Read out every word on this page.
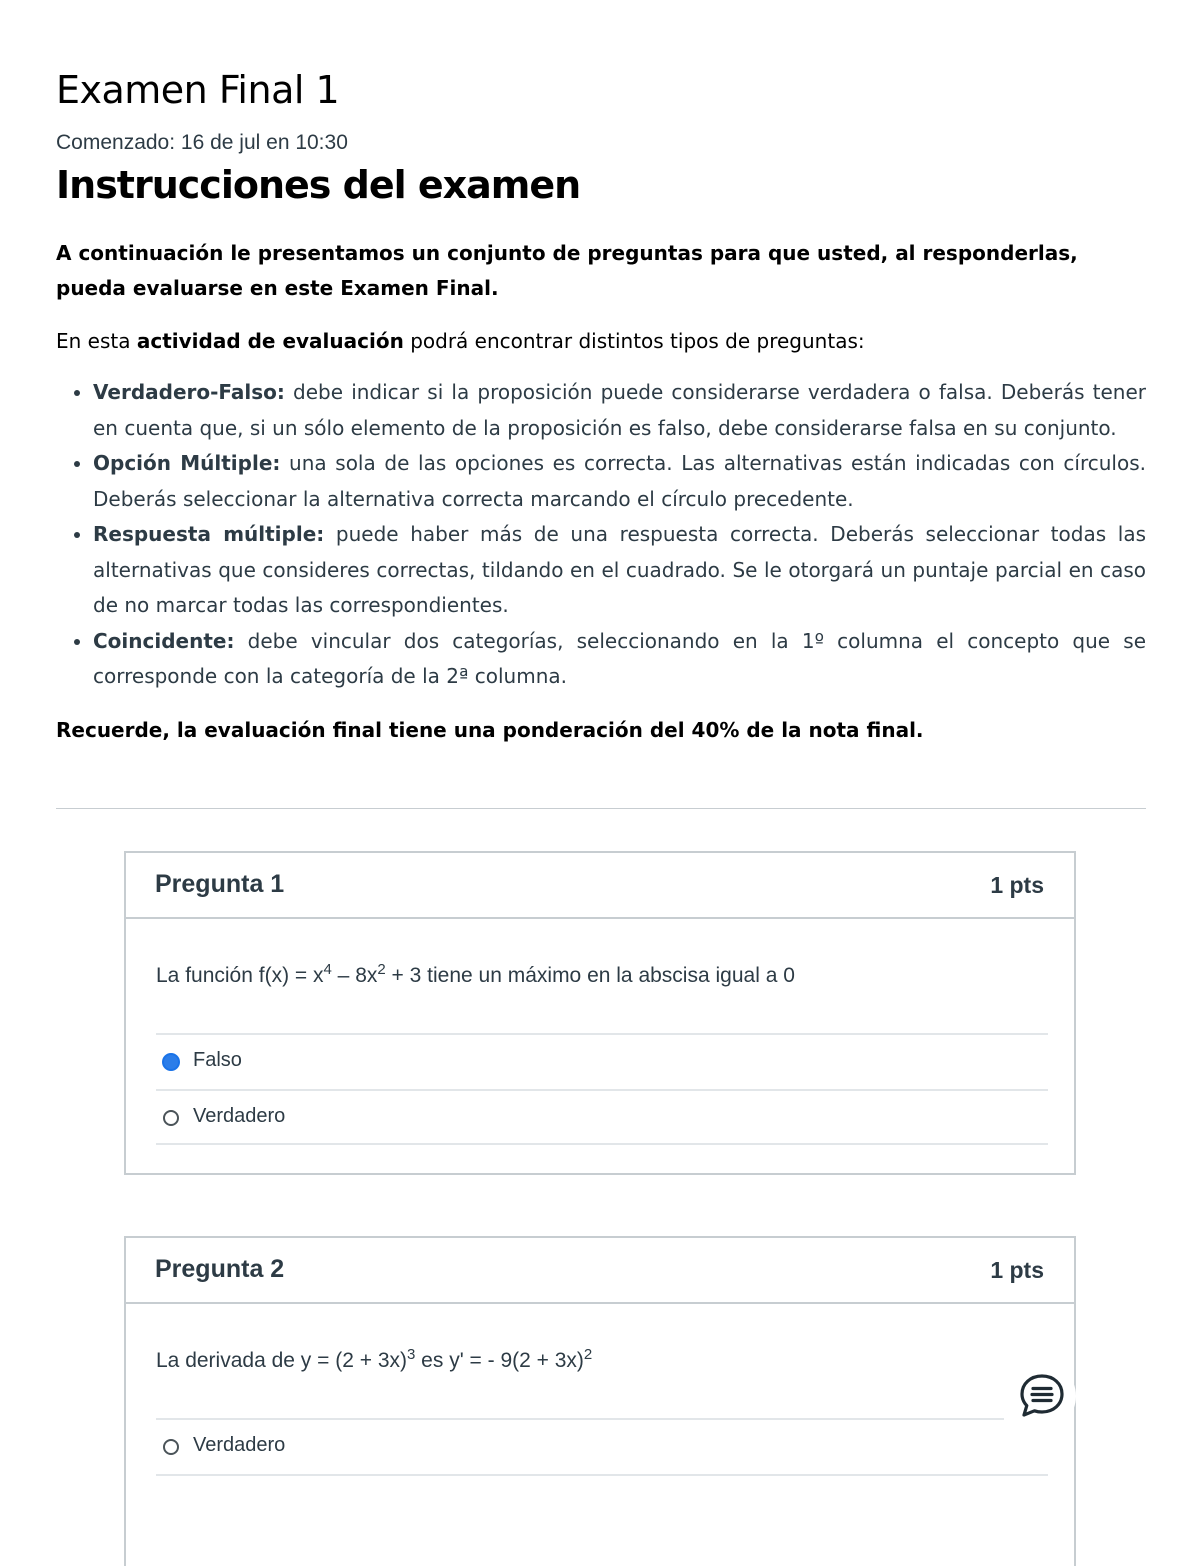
Examen Final 1
Comenzado: 16 de jul en 10:30
Instrucciones del examen

A continuación le presentamos un conjunto de preguntas para que usted, al responderlas, pueda evaluarse en este Examen Final.

En esta actividad de evaluación podrá encontrar distintos tipos de preguntas:

• Verdadero-Falso: debe indicar si la proposición puede considerarse verdadera o falsa. Deberás tener en cuenta que, si un sólo elemento de la proposición es falso, debe considerarse falsa en su conjunto.
• Opción Múltiple: una sola de las opciones es correcta. Las alternativas están indicadas con círculos. Deberás seleccionar la alternativa correcta marcando el círculo precedente.
• Respuesta múltiple: puede haber más de una respuesta correcta. Deberás seleccionar todas las alternativas que consideres correctas, tildando en el cuadrado. Se le otorgará un puntaje parcial en caso de no marcar todas las correspondientes.
• Coincidente: debe vincular dos categorías, seleccionando en la 1º columna el concepto que se corresponde con la categoría de la 2ª columna.

Recuerde, la evaluación final tiene una ponderación del 40% de la nota final.

Pregunta 1	1 pts
La función $f(x) = x^4 - 8x^2 + 3$ tiene un máximo en la abscisa igual a 0
Falso
Verdadero
Pregunta 2	1 pts
La derivada de $y = (2 + 3x)^3$ es y' = - $9(2 + 3x)^2$
Verdadero
